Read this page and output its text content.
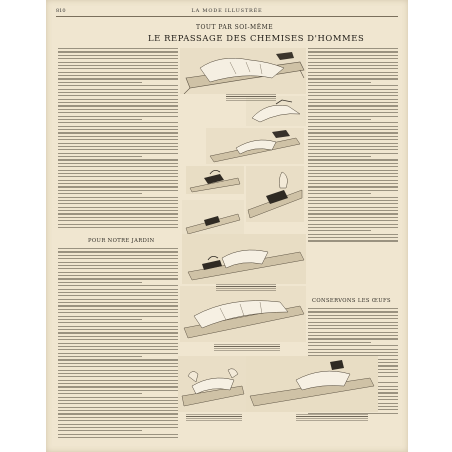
810	LA MODE ILLUSTRÉE
TOUT PAR SOI-MÊME
LE REPASSAGE DES CHEMISES D'HOMMES
POUR NOTRE JARDIN
CONSERVONS LES ŒUFS
